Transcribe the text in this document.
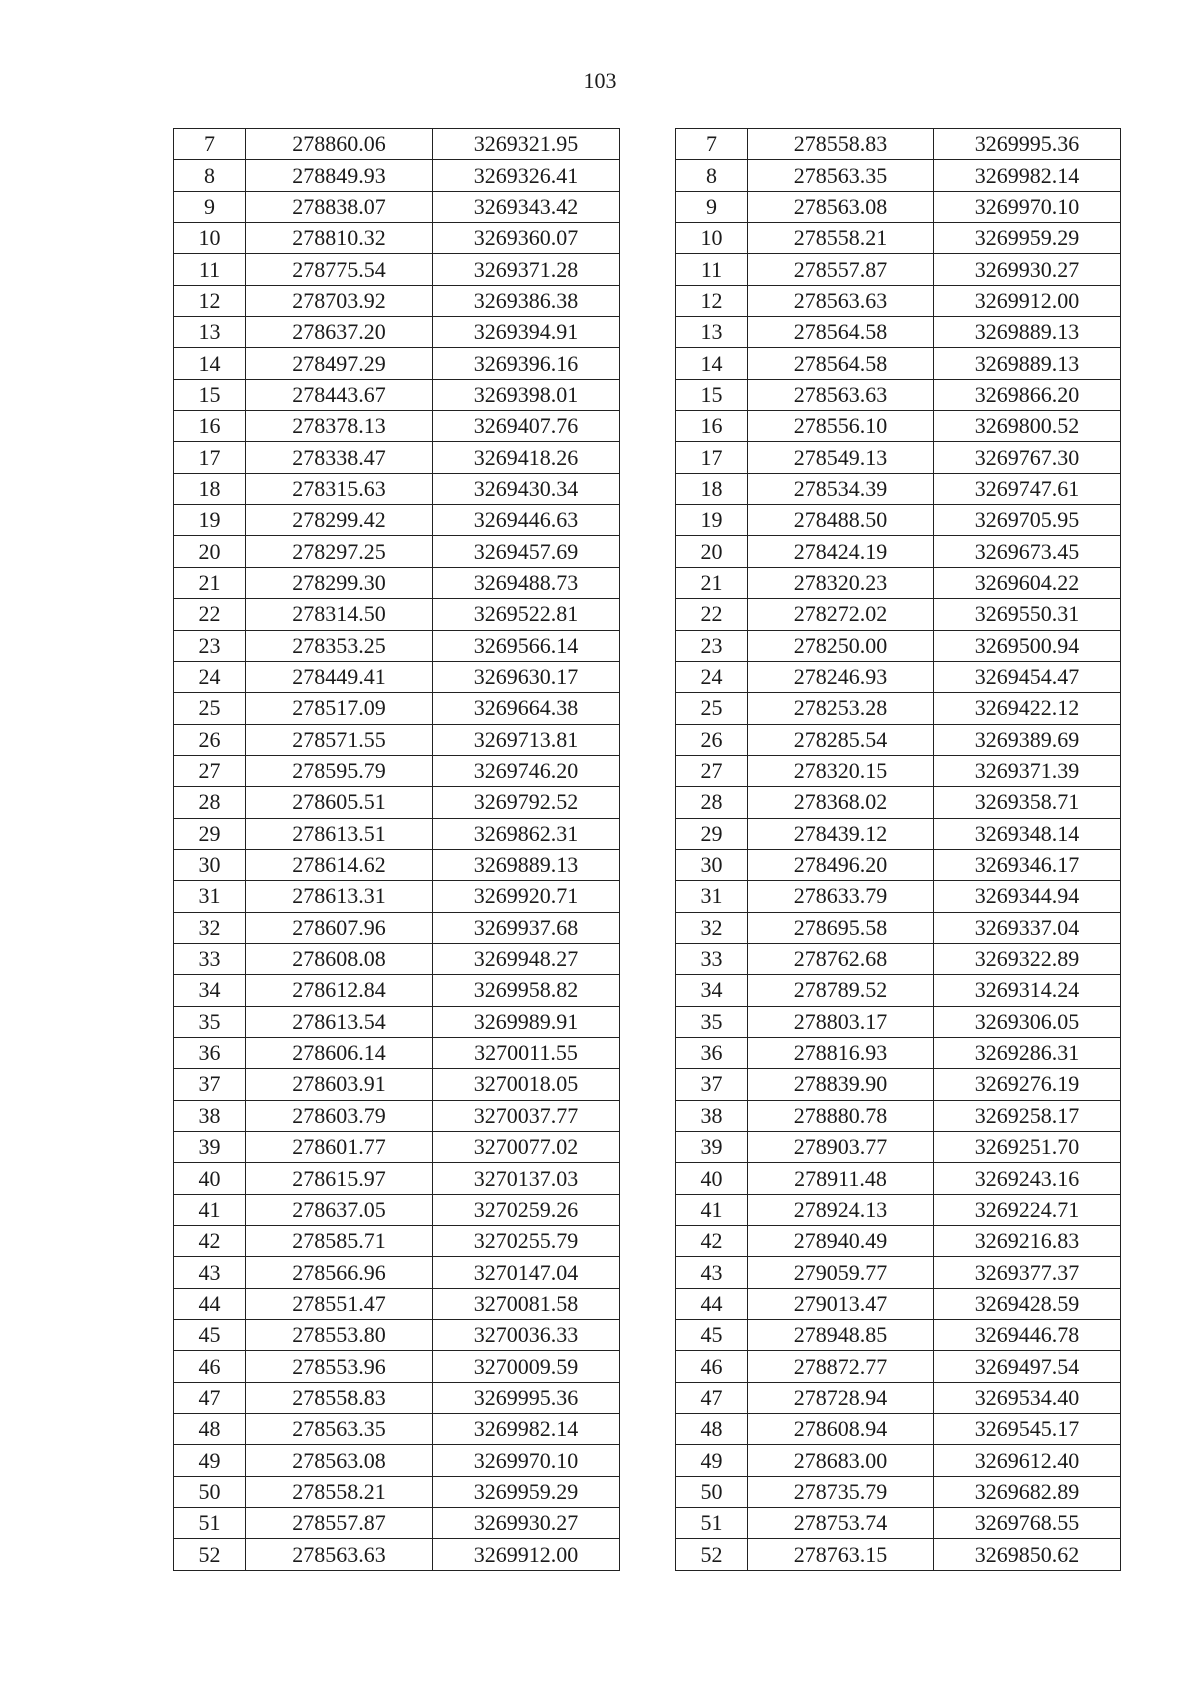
103
7	278860.06	3269321.95		7	278558.83	3269995.36
8	278849.93	3269326.41		8	278563.35	3269982.14
9	278838.07	3269343.42		9	278563.08	3269970.10
10	278810.32	3269360.07		10	278558.21	3269959.29
11	278775.54	3269371.28		11	278557.87	3269930.27
12	278703.92	3269386.38		12	278563.63	3269912.00
13	278637.20	3269394.91		13	278564.58	3269889.13
14	278497.29	3269396.16		14	278564.58	3269889.13
15	278443.67	3269398.01		15	278563.63	3269866.20
16	278378.13	3269407.76		16	278556.10	3269800.52
17	278338.47	3269418.26		17	278549.13	3269767.30
18	278315.63	3269430.34		18	278534.39	3269747.61
19	278299.42	3269446.63		19	278488.50	3269705.95
20	278297.25	3269457.69		20	278424.19	3269673.45
21	278299.30	3269488.73		21	278320.23	3269604.22
22	278314.50	3269522.81		22	278272.02	3269550.31
23	278353.25	3269566.14		23	278250.00	3269500.94
24	278449.41	3269630.17		24	278246.93	3269454.47
25	278517.09	3269664.38		25	278253.28	3269422.12
26	278571.55	3269713.81		26	278285.54	3269389.69
27	278595.79	3269746.20		27	278320.15	3269371.39
28	278605.51	3269792.52		28	278368.02	3269358.71
29	278613.51	3269862.31		29	278439.12	3269348.14
30	278614.62	3269889.13		30	278496.20	3269346.17
31	278613.31	3269920.71		31	278633.79	3269344.94
32	278607.96	3269937.68		32	278695.58	3269337.04
33	278608.08	3269948.27		33	278762.68	3269322.89
34	278612.84	3269958.82		34	278789.52	3269314.24
35	278613.54	3269989.91		35	278803.17	3269306.05
36	278606.14	3270011.55		36	278816.93	3269286.31
37	278603.91	3270018.05		37	278839.90	3269276.19
38	278603.79	3270037.77		38	278880.78	3269258.17
39	278601.77	3270077.02		39	278903.77	3269251.70
40	278615.97	3270137.03		40	278911.48	3269243.16
41	278637.05	3270259.26		41	278924.13	3269224.71
42	278585.71	3270255.79		42	278940.49	3269216.83
43	278566.96	3270147.04		43	279059.77	3269377.37
44	278551.47	3270081.58		44	279013.47	3269428.59
45	278553.80	3270036.33		45	278948.85	3269446.78
46	278553.96	3270009.59		46	278872.77	3269497.54
47	278558.83	3269995.36		47	278728.94	3269534.40
48	278563.35	3269982.14		48	278608.94	3269545.17
49	278563.08	3269970.10		49	278683.00	3269612.40
50	278558.21	3269959.29		50	278735.79	3269682.89
51	278557.87	3269930.27		51	278753.74	3269768.55
52	278563.63	3269912.00		52	278763.15	3269850.62
